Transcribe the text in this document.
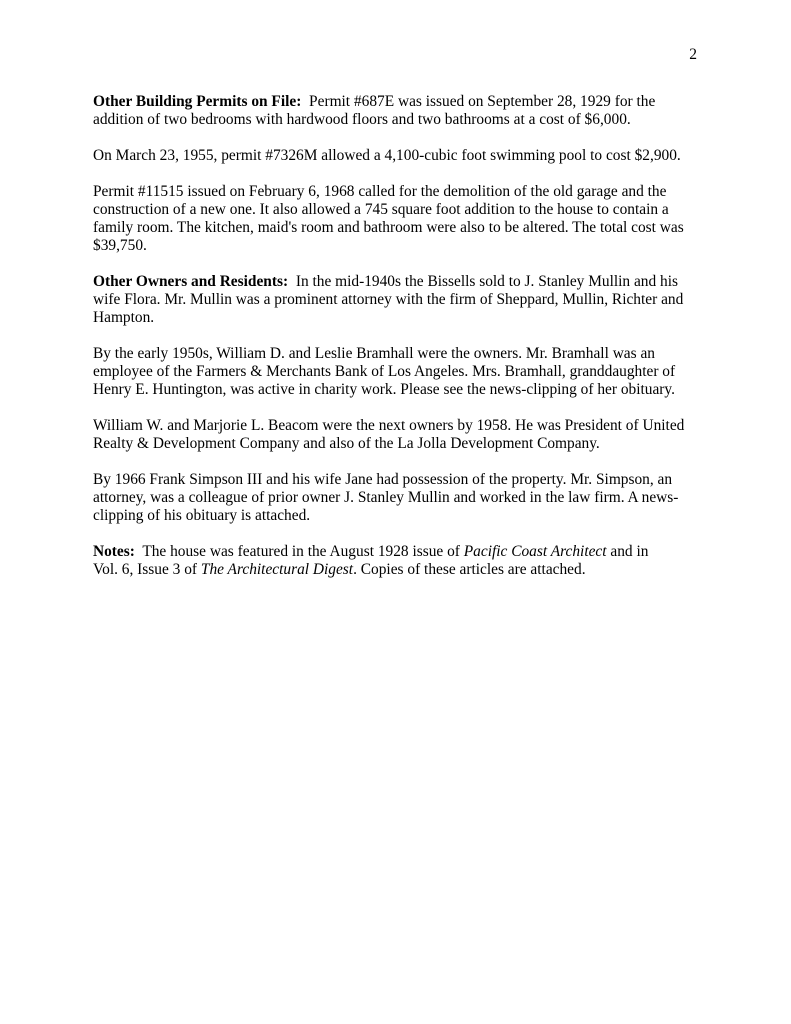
2

Other Building Permits on File: Permit #687E was issued on September 28, 1929 for the
addition of two bedrooms with hardwood floors and two bathrooms at a cost of $6,000.

On March 23, 1955, permit #7326M allowed a 4,100-cubic foot swimming pool to cost $2,900.

Permit #11515 issued on February 6, 1968 called for the demolition of the old garage and the
construction of a new one. It also allowed a 745 square foot addition to the house to contain a
family room. The kitchen, maid's room and bathroom were also to be altered. The total cost was
$39,750.

Other Owners and Residents: In the mid-1940s the Bissells sold to J. Stanley Mullin and his
wife Flora. Mr. Mullin was a prominent attorney with the firm of Sheppard, Mullin, Richter and
Hampton.

By the early 1950s, William D. and Leslie Bramhall were the owners. Mr. Bramhall was an
employee of the Farmers & Merchants Bank of Los Angeles. Mrs. Bramhall, granddaughter of
Henry E. Huntington, was active in charity work. Please see the news-clipping of her obituary.

William W. and Marjorie L. Beacom were the next owners by 1958. He was President of United
Realty & Development Company and also of the La Jolla Development Company.

By 1966 Frank Simpson III and his wife Jane had possession of the property. Mr. Simpson, an
attorney, was a colleague of prior owner J. Stanley Mullin and worked in the law firm. A news-
clipping of his obituary is attached.

Notes: The house was featured in the August 1928 issue of Pacific Coast Architect and in
Vol. 6, Issue 3 of The Architectural Digest. Copies of these articles are attached.
